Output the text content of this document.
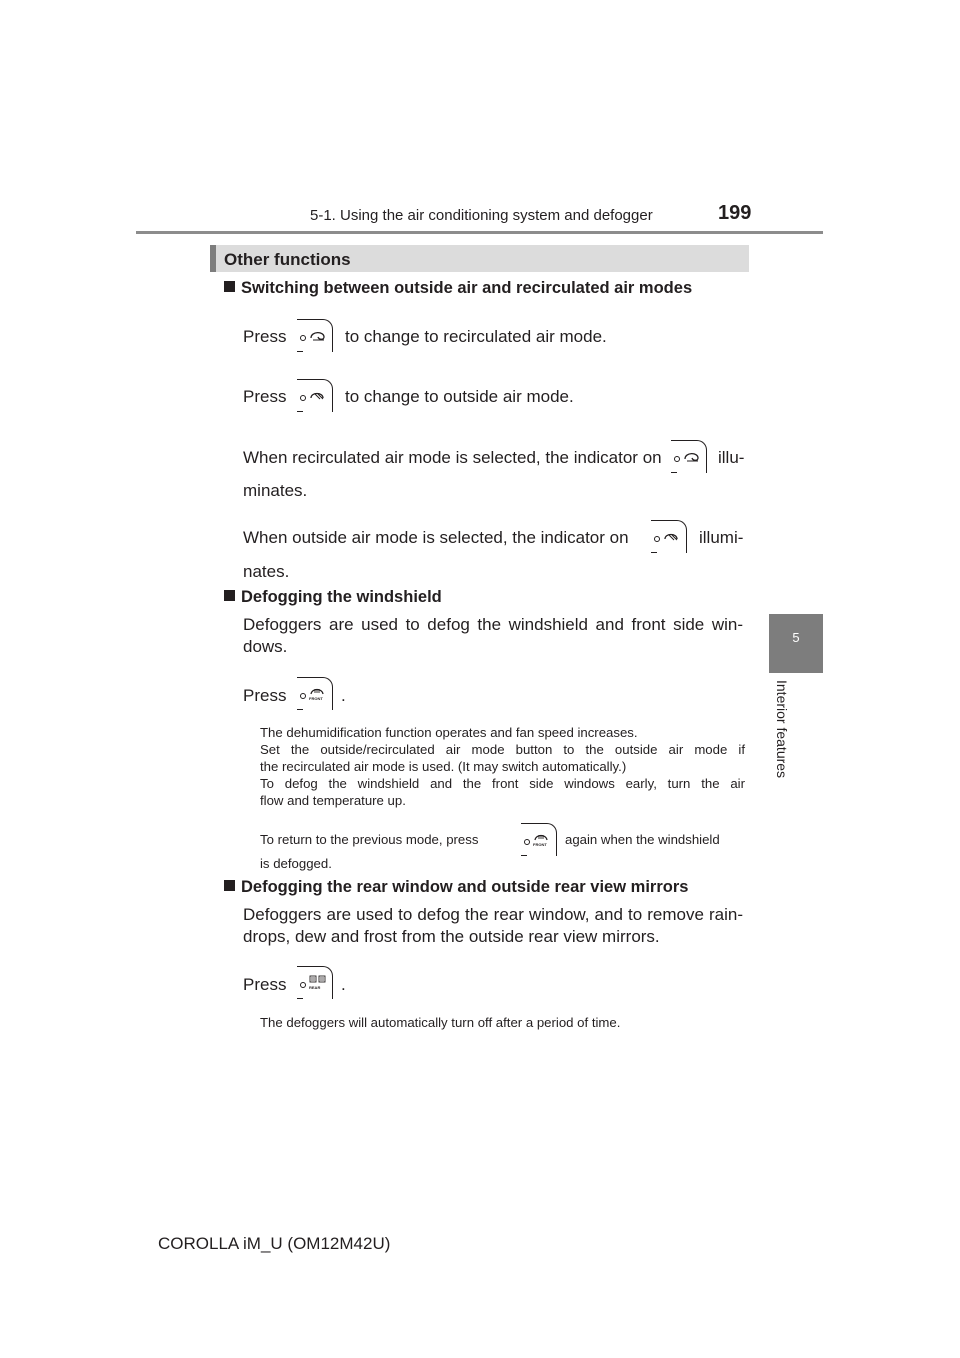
5-1. Using the air conditioning system and defogger	199
5
Interior features
Other functions
Switching between outside air and recirculated air modes
Press	to change to recirculated air mode.
Press	to change to outside air mode.
When recirculated air mode is selected, the indicator on	illu-
minates.
When outside air mode is selected, the indicator on	illumi-
nates.
Defogging the windshield
Defoggers are used to defog the windshield and front side win-
dows.
Press	FRONT .
The dehumidification function operates and fan speed increases.
Set the outside/recirculated air mode button to the outside air mode if
the recirculated air mode is used. (It may switch automatically.)
To defog the windshield and the front side windows early, turn the air
flow and temperature up.
To return to the previous mode, press	FRONT again when the windshield
is defogged.
Defogging the rear window and outside rear view mirrors
Defoggers are used to defog the rear window, and to remove rain-
drops, dew and frost from the outside rear view mirrors.
Press	REAR .
The defoggers will automatically turn off after a period of time.
COROLLA iM_U (OM12M42U)
